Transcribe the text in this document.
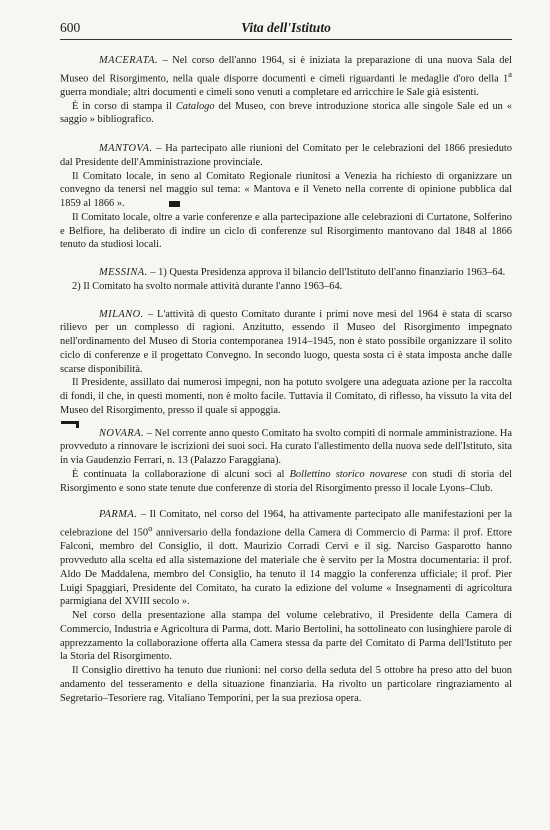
600	Vita dell'Istituto

MACERATA. – Nel corso dell'anno 1964, si è iniziata la preparazione di una nuova Sala del Museo del Risorgimento, nella quale disporre documenti e cimeli riguardanti le medaglie d'oro della 1$^a$ guerra mondiale; altri documenti e cimeli sono venuti a completare ed arricchire le Sale già esistenti.

È in corso di stampa il Catalogo del Museo, con breve introduzione storica alle singole Sale ed un « saggio » bibliografico.

MANTOVA. – Ha partecipato alle riunioni del Comitato per le celebrazioni del 1866 presieduto dal Presidente dell'Amministrazione provinciale.

Il Comitato locale, in seno al Comitato Regionale riunitosi a Venezia ha richiesto di organizzare un convegno da tenersi nel maggio sul tema: « Mantova e il Veneto nella corrente di opinione pubblica dal 1859 al 1866 ».

Il Comitato locale, oltre a varie conferenze e alla partecipazione alle celebrazioni di Curtatone, Solferino e Belfiore, ha deliberato di indire un ciclo di conferenze sul Risorgimento mantovano dal 1848 al 1866 tenuto da studiosi locali.

MESSINA. – 1) Questa Presidenza approva il bilancio dell'Istituto dell'anno finanziario 1963–64.

2) Il Comitato ha svolto normale attività durante l'anno 1963–64.

MILANO. – L'attività di questo Comitato durante i primi nove mesi del 1964 è stata di scarso rilievo per un complesso di ragioni. Anzitutto, essendo il Museo del Risorgimento impegnato nell'ordinamento del Museo di Storia contemporanea 1914–1945, non è stato possibile organizzare il solito ciclo di conferenze e il progettato Convegno. In secondo luogo, questa sosta ci è stata imposta anche dalle scarse disponibilità.

Il Presidente, assillato dai numerosi impegni, non ha potuto svolgere una adeguata azione per la raccolta di fondi, il che, in questi momenti, non è molto facile. Tuttavia il Comitato, di riflesso, ha vissuto la vita del Museo del Risorgimento, presso il quale si appoggia.

NOVARA. – Nel corrente anno questo Comitato ha svolto compiti di normale amministrazione. Ha provveduto a rinnovare le iscrizioni dei suoi soci. Ha curato l'allestimento della nuova sede dell'Istituto, sita in via Gaudenzio Ferrari, n. 13 (Palazzo Faraggiana).

È continuata la collaborazione di alcuni soci al Bollettino storico novarese con studi di storia del Risorgimento e sono state tenute due conferenze di storia del Risorgimento presso il locale Lyons–Club.

PARMA. – Il Comitato, nel corso del 1964, ha attivamente partecipato alle manifestazioni per la celebrazione del 150$^o$ anniversario della fondazione della Camera di Commercio di Parma: il prof. Ettore Falconi, membro del Consiglio, il dott. Maurizio Corradi Cervi e il sig. Narciso Gasparotto hanno provveduto alla scelta ed alla sistemazione del materiale che è servito per la Mostra documentaria: il prof. Aldo De Maddalena, membro del Consiglio, ha tenuto il 14 maggio la conferenza ufficiale; il prof. Pier Luigi Spaggiari, Presidente del Comitato, ha curato la edizione del volume « Insegnamenti di agricoltura parmigiana del XVIII secolo ».

Nel corso della presentazione alla stampa del volume celebrativo, il Presidente della Camera di Commercio, Industria e Agricoltura di Parma, dott. Mario Bertolini, ha sottolineato con lusinghiere parole di apprezzamento la collaborazione offerta alla Camera stessa da parte del Comitato di Parma dell'Istituto per la Storia del Risorgimento.

Il Consiglio direttivo ha tenuto due riunioni: nel corso della seduta del 5 ottobre ha preso atto del buon andamento del tesseramento e della situazione finanziaria. Ha rivolto un particolare ringraziamento al Segretario–Tesoriere rag. Vitaliano Temporini, per la sua preziosa opera.
